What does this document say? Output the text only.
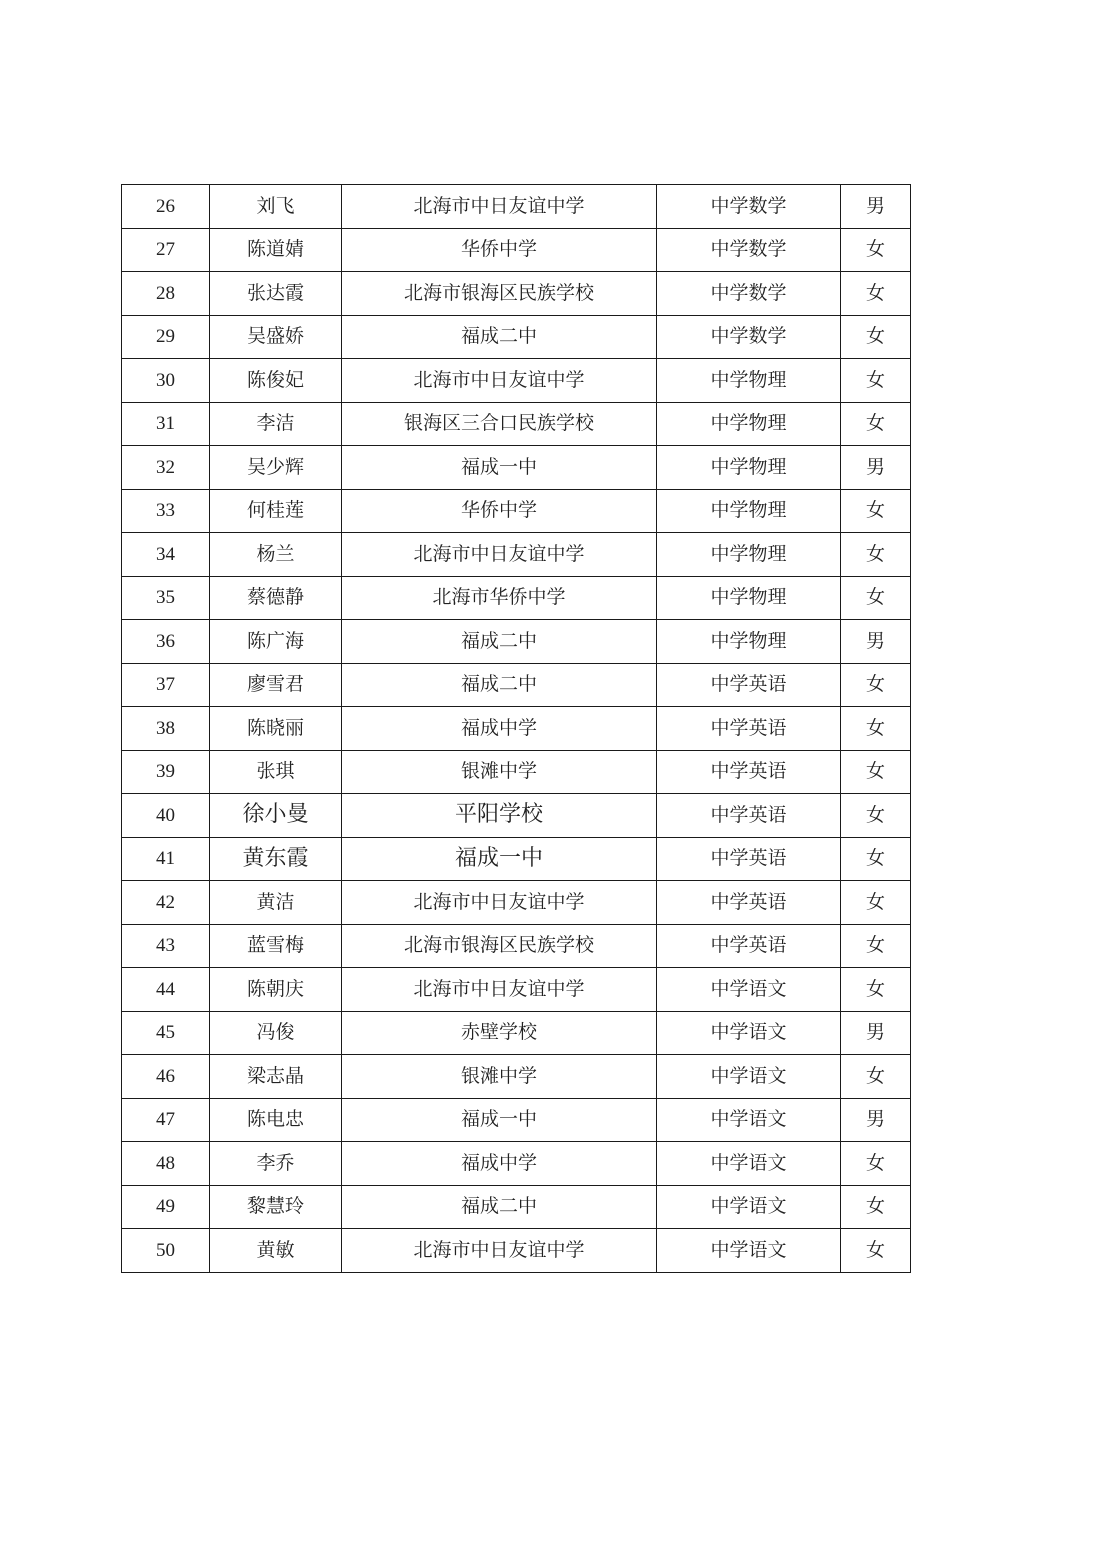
26	刘飞	北海市中日友谊中学	中学数学	男
27	陈道婧	华侨中学	中学数学	女
28	张达霞	北海市银海区民族学校	中学数学	女
29	吴盛娇	福成二中	中学数学	女
30	陈俊妃	北海市中日友谊中学	中学物理	女
31	李洁	银海区三合口民族学校	中学物理	女
32	吴少辉	福成一中	中学物理	男
33	何桂莲	华侨中学	中学物理	女
34	杨兰	北海市中日友谊中学	中学物理	女
35	蔡德静	北海市华侨中学	中学物理	女
36	陈广海	福成二中	中学物理	男
37	廖雪君	福成二中	中学英语	女
38	陈晓丽	福成中学	中学英语	女
39	张琪	银滩中学	中学英语	女
40	徐小曼	平阳学校	中学英语	女
41	黄东霞	福成一中	中学英语	女
42	黄洁	北海市中日友谊中学	中学英语	女
43	蓝雪梅	北海市银海区民族学校	中学英语	女
44	陈朝庆	北海市中日友谊中学	中学语文	女
45	冯俊	赤壁学校	中学语文	男
46	梁志晶	银滩中学	中学语文	女
47	陈电忠	福成一中	中学语文	男
48	李乔	福成中学	中学语文	女
49	黎慧玲	福成二中	中学语文	女
50	黄敏	北海市中日友谊中学	中学语文	女
